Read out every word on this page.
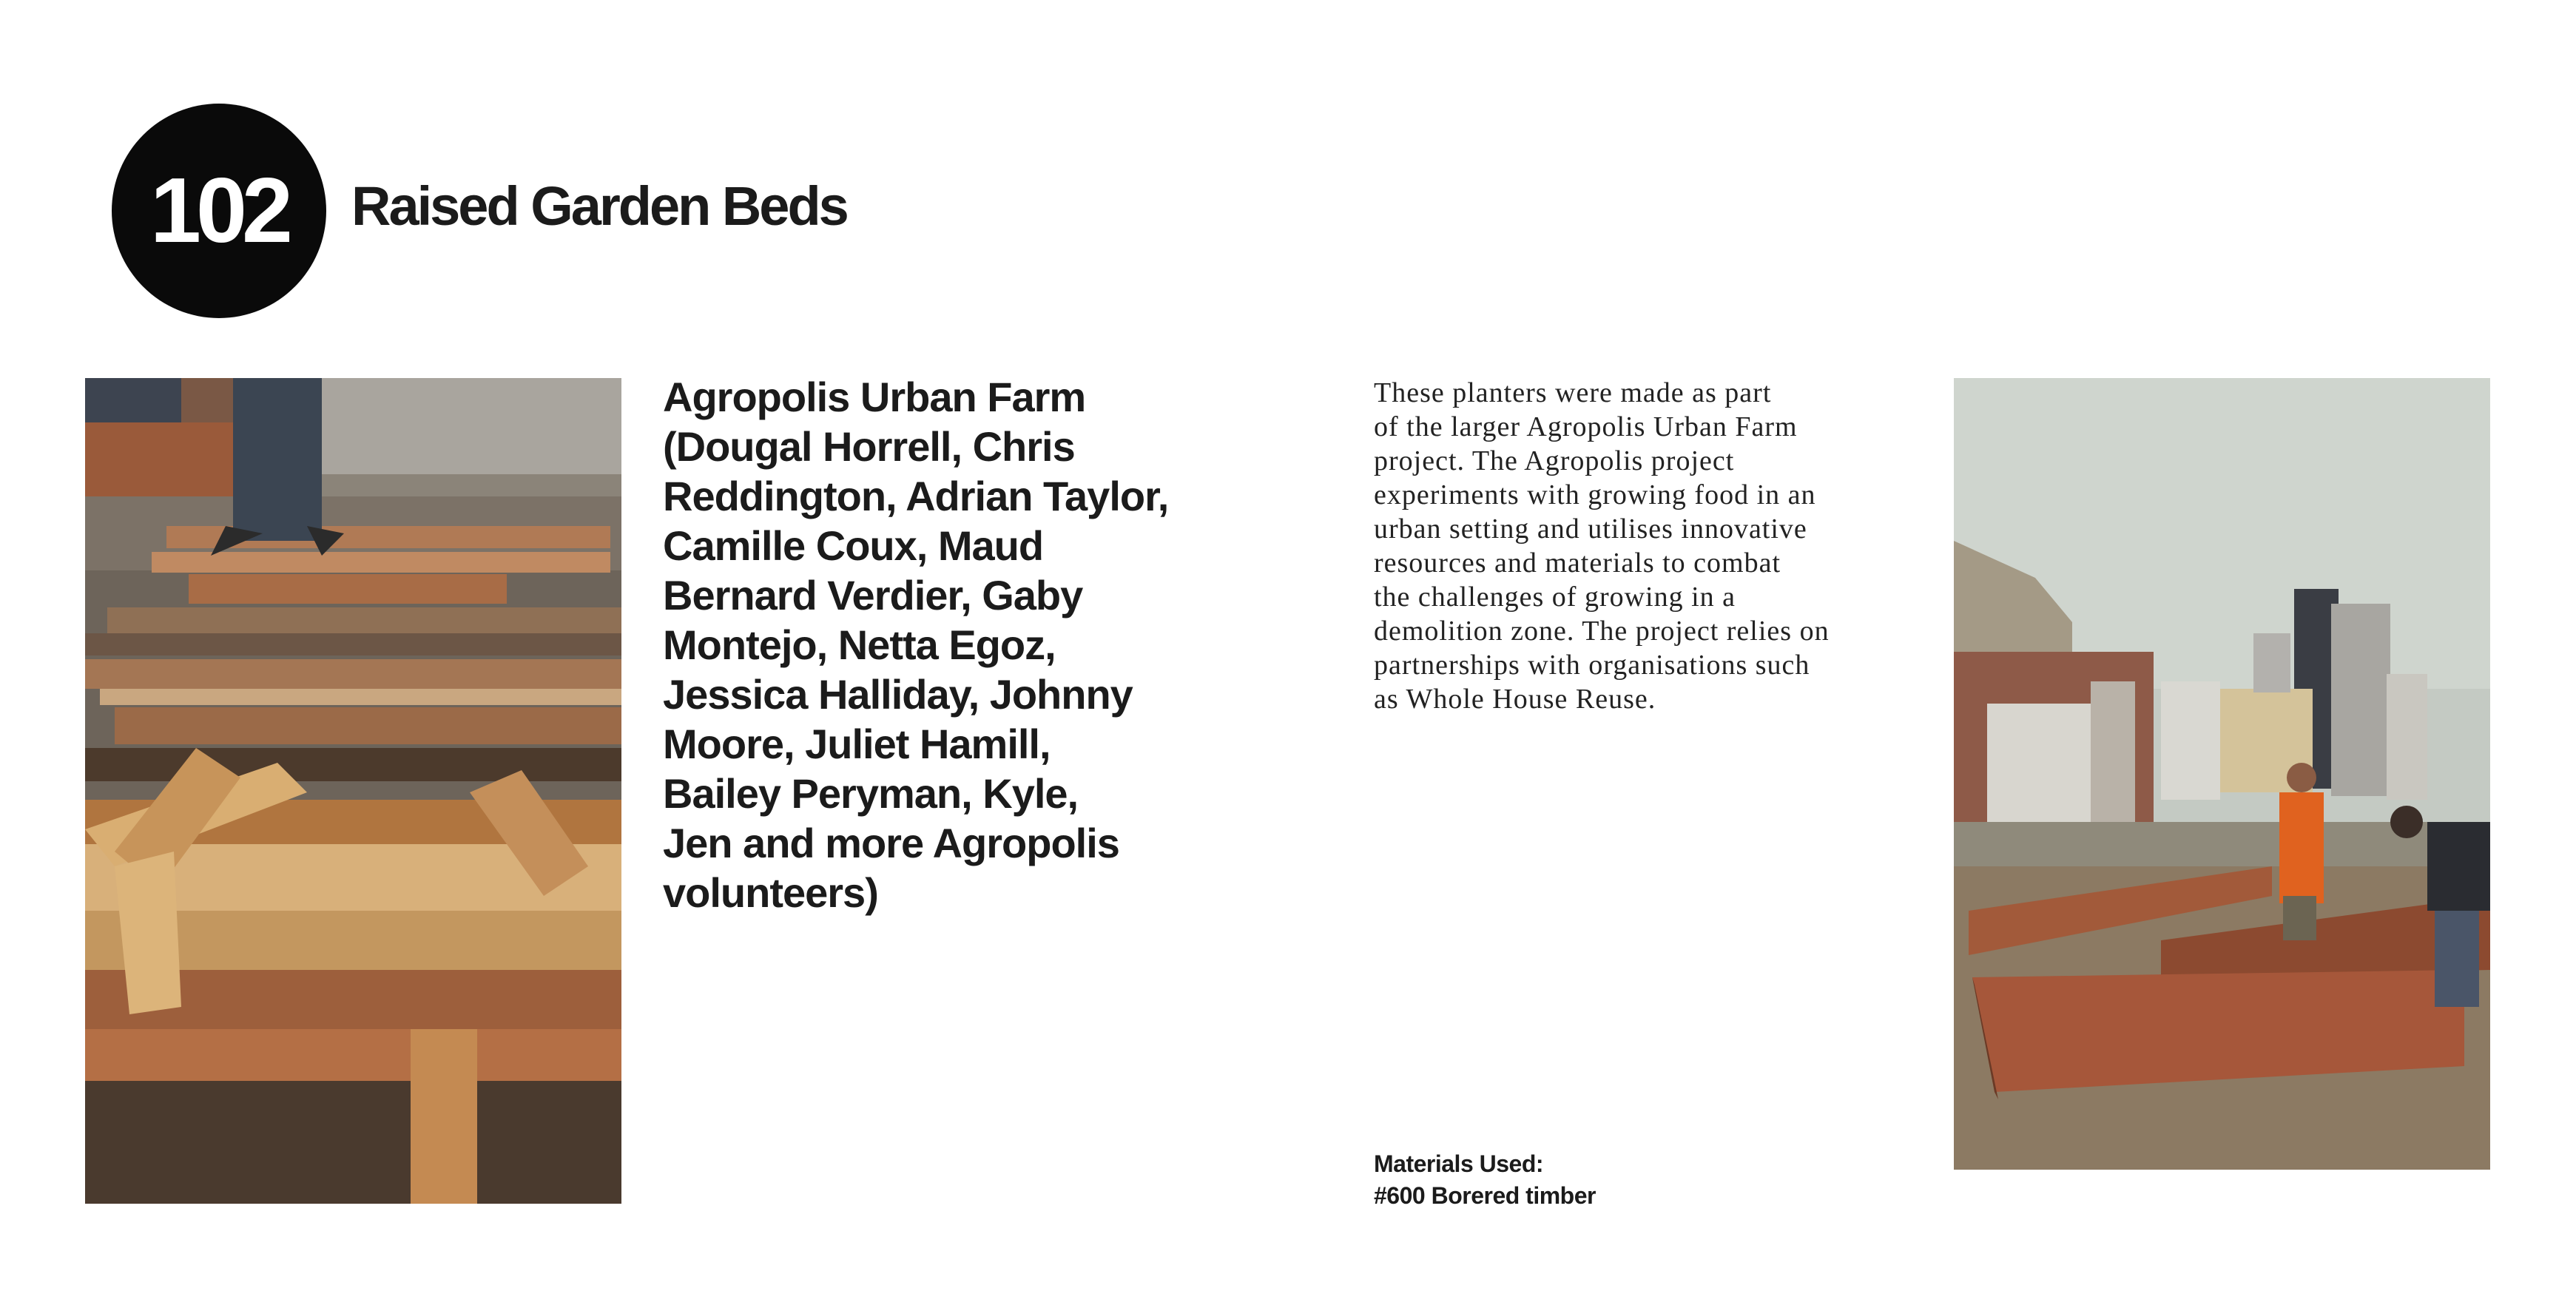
102 Raised Garden Beds
Agropolis Urban Farm
(Dougal Horrell, Chris
Reddington, Adrian Taylor,
Camille Coux, Maud
Bernard Verdier, Gaby
Montejo, Netta Egoz,
Jessica Halliday, Johnny
Moore, Juliet Hamill,
Bailey Peryman, Kyle,
Jen and more Agropolis
volunteers)
These planters were made as part
of the larger Agropolis Urban Farm
project. The Agropolis project
experiments with growing food in an
urban setting and utilises innovative
resources and materials to combat
the challenges of growing in a
demolition zone. The project relies on
partnerships with organisations such
as Whole House Reuse.
Materials Used:
#600 Borered timber
